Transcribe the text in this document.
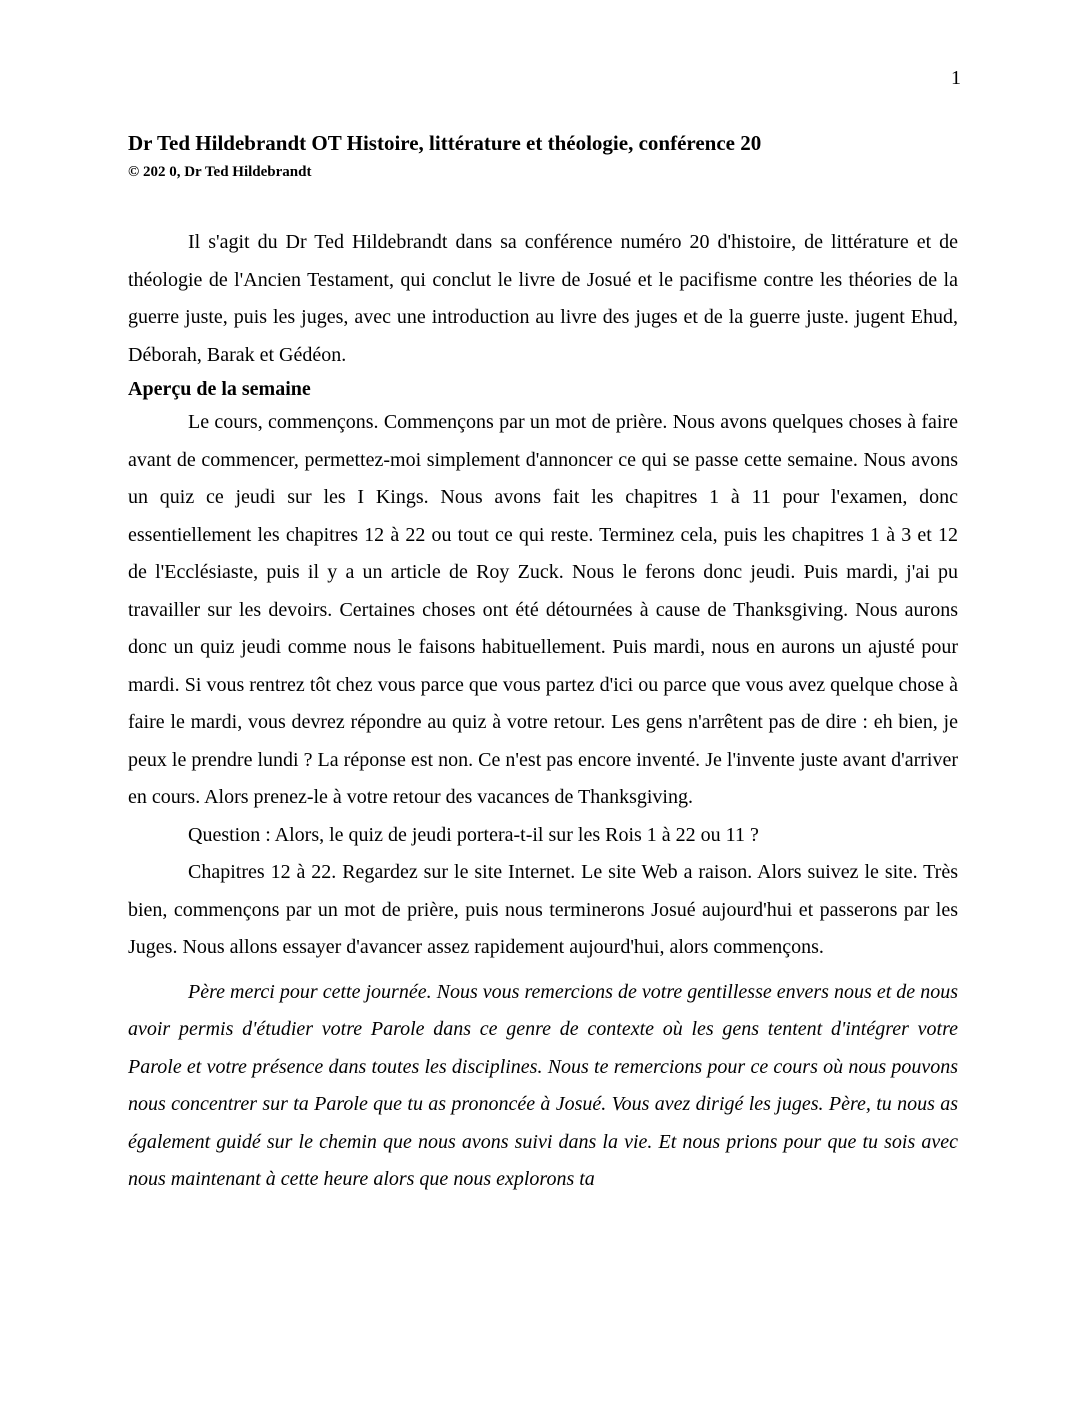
1
Dr Ted Hildebrandt OT Histoire, littérature et théologie, conférence 20

© 202 0, Dr Ted Hildebrandt

Il s'agit du Dr Ted Hildebrandt dans sa conférence numéro 20 d'histoire, de littérature et de théologie de l'Ancien Testament, qui conclut le livre de Josué et le pacifisme contre les théories de la guerre juste, puis les juges, avec une introduction au livre des juges et de la guerre juste. jugent Ehud, Déborah, Barak et Gédéon.

Aperçu de la semaine

Le cours, commençons. Commençons par un mot de prière. Nous avons quelques choses à faire avant de commencer, permettez-moi simplement d'annoncer ce qui se passe cette semaine. Nous avons un quiz ce jeudi sur les I Kings. Nous avons fait les chapitres 1 à 11 pour l'examen, donc essentiellement les chapitres 12 à 22 ou tout ce qui reste. Terminez cela, puis les chapitres 1 à 3 et 12 de l'Ecclésiaste, puis il y a un article de Roy Zuck. Nous le ferons donc jeudi. Puis mardi, j'ai pu travailler sur les devoirs. Certaines choses ont été détournées à cause de Thanksgiving. Nous aurons donc un quiz jeudi comme nous le faisons habituellement. Puis mardi, nous en aurons un ajusté pour mardi. Si vous rentrez tôt chez vous parce que vous partez d'ici ou parce que vous avez quelque chose à faire le mardi, vous devrez répondre au quiz à votre retour. Les gens n'arrêtent pas de dire : eh bien, je peux le prendre lundi ? La réponse est non. Ce n'est pas encore inventé. Je l'invente juste avant d'arriver en cours. Alors prenez-le à votre retour des vacances de Thanksgiving.

Question : Alors, le quiz de jeudi portera-t-il sur les Rois 1 à 22 ou 11 ?

Chapitres 12 à 22. Regardez sur le site Internet. Le site Web a raison. Alors suivez le site. Très bien, commençons par un mot de prière, puis nous terminerons Josué aujourd'hui et passerons par les Juges. Nous allons essayer d'avancer assez rapidement aujourd'hui, alors commençons.

Père merci pour cette journée. Nous vous remercions de votre gentillesse envers nous et de nous avoir permis d'étudier votre Parole dans ce genre de contexte où les gens tentent d'intégrer votre Parole et votre présence dans toutes les disciplines. Nous te remercions pour ce cours où nous pouvons nous concentrer sur ta Parole que tu as prononcée à Josué. Vous avez dirigé les juges. Père, tu nous as également guidé sur le chemin que nous avons suivi dans la vie. Et nous prions pour que tu sois avec nous maintenant à cette heure alors que nous explorons ta
